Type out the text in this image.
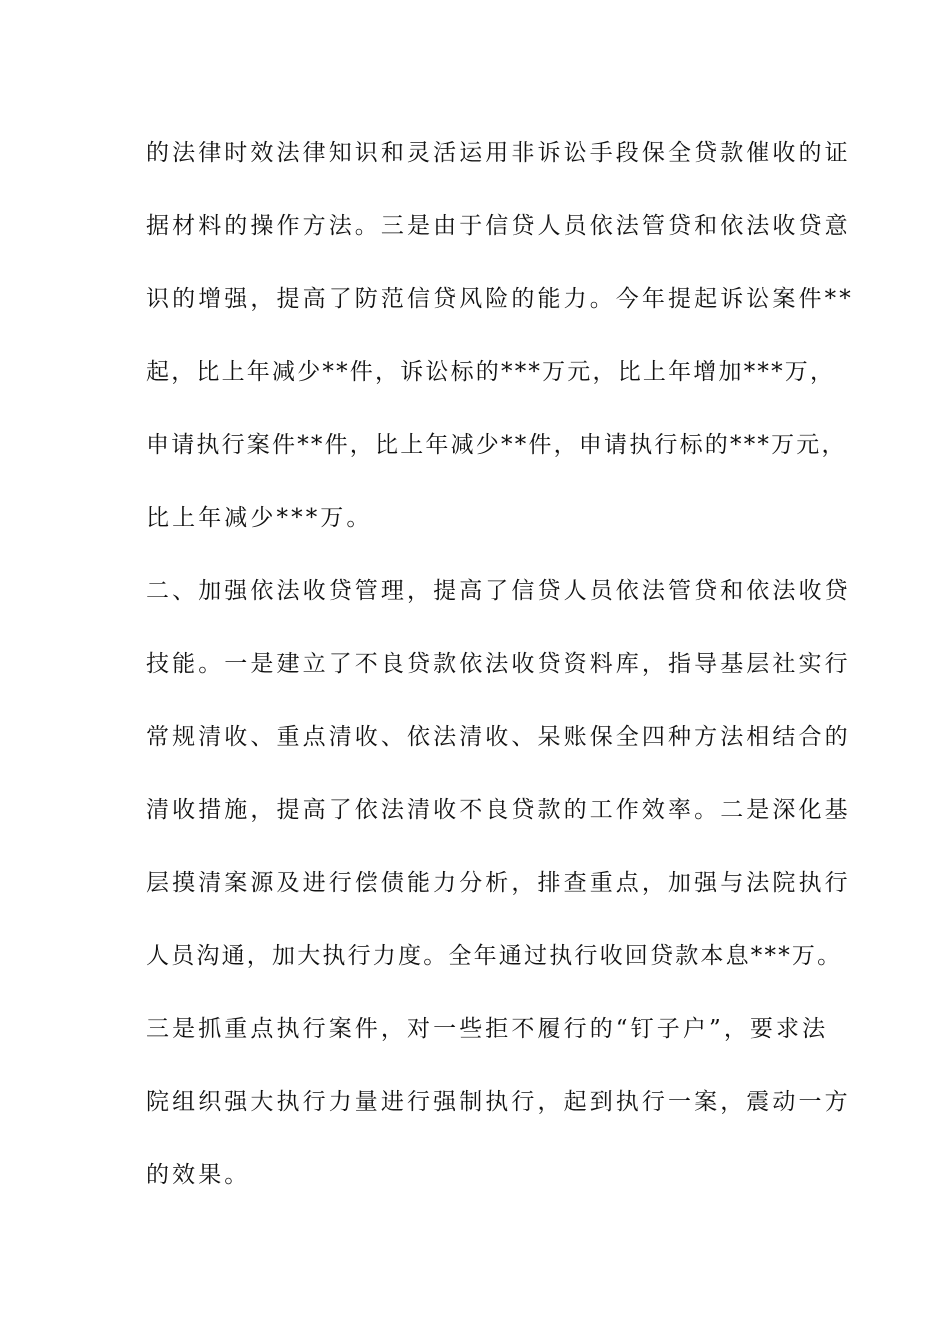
的法律时效法律知识和灵活运用非诉讼手段保全贷款催收的证

据材料的操作方法。三是由于信贷人员依法管贷和依法收贷意

识的增强，提高了防范信贷风险的能力。今年提起诉讼案件**

起，比上年减少**件，诉讼标的***万元，比上年增加***万，

申请执行案件**件，比上年减少**件，申请执行标的***万元，

比上年减少***万。

二、加强依法收贷管理，提高了信贷人员依法管贷和依法收贷

技能。一是建立了不良贷款依法收贷资料库，指导基层社实行

常规清收、重点清收、依法清收、呆账保全四种方法相结合的

清收措施，提高了依法清收不良贷款的工作效率。二是深化基

层摸清案源及进行偿债能力分析，排查重点，加强与法院执行

人员沟通，加大执行力度。全年通过执行收回贷款本息***万。

三是抓重点执行案件，对一些拒不履行的“钉子户”，要求法

院组织强大执行力量进行强制执行，起到执行一案，震动一方

的效果。
